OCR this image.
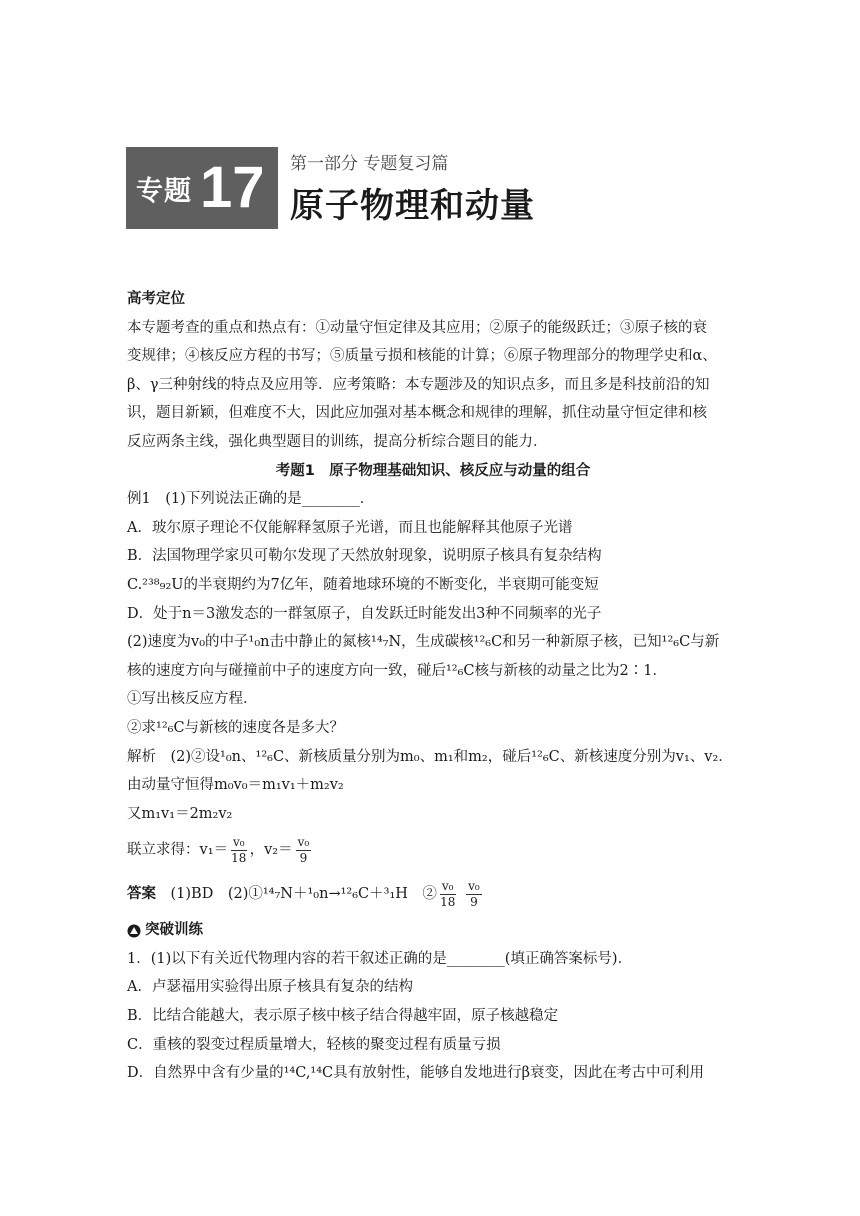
专题 17 第一部分 专题复习篇
原子物理和动量
高考定位
本专题考查的重点和热点有：①动量守恒定律及其应用；②原子的能级跃迁；③原子核的衰
变规律；④核反应方程的书写；⑤质量亏损和核能的计算；⑥原子物理部分的物理学史和α、
β、γ三种射线的特点及应用等．应考策略：本专题涉及的知识点多，而且多是科技前沿的知
识，题目新颖，但难度不大，因此应加强对基本概念和规律的理解，抓住动量守恒定律和核
反应两条主线，强化典型题目的训练，提高分析综合题目的能力．
考题1　原子物理基础知识、核反应与动量的组合
例1　(1)下列说法正确的是________．
A．玻尔原子理论不仅能解释氢原子光谱，而且也能解释其他原子光谱
B．法国物理学家贝可勒尔发现了天然放射现象，说明原子核具有复杂结构
C.²³⁸₉₂U的半衰期约为7亿年，随着地球环境的不断变化，半衰期可能变短
D．处于n＝3激发态的一群氢原子，自发跃迁时能发出3种不同频率的光子
(2)速度为v₀的中子¹₀n击中静止的氮核¹⁴₇N，生成碳核¹²₆C和另一种新原子核，已知¹²₆C与新
核的速度方向与碰撞前中子的速度方向一致，碰后¹²₆C核与新核的动量之比为2∶1．
①写出核反应方程．
②求¹²₆C与新核的速度各是多大？
解析　(2)②设¹₀n、¹²₆C、新核质量分别为m₀、m₁和m₂，碰后¹²₆C、新核速度分别为v₁、v₂．
由动量守恒得m₀v₀＝m₁v₁＋m₂v₂
又m₁v₁＝2m₂v₂
联立求得：$v_1= \frac{\text{v₀}}{18}$ ，$v_2= \frac{\text{v₀}}{9}$
答案　(1)BD　(2)①¹⁴₇N＋¹₀n→¹²₆C＋³₁H　② $\frac{\text{v₀}}{18}$
$\frac{\text{v₀}}{9}$
突破训练
1．(1)以下有关近代物理内容的若干叙述正确的是________(填正确答案标号)．
A．卢瑟福用实验得出原子核具有复杂的结构
B．比结合能越大，表示原子核中核子结合得越牢固，原子核越稳定
C．重核的裂变过程质量增大，轻核的聚变过程有质量亏损
D．自然界中含有少量的¹⁴C,¹⁴C具有放射性，能够自发地进行β衰变，因此在考古中可利用
